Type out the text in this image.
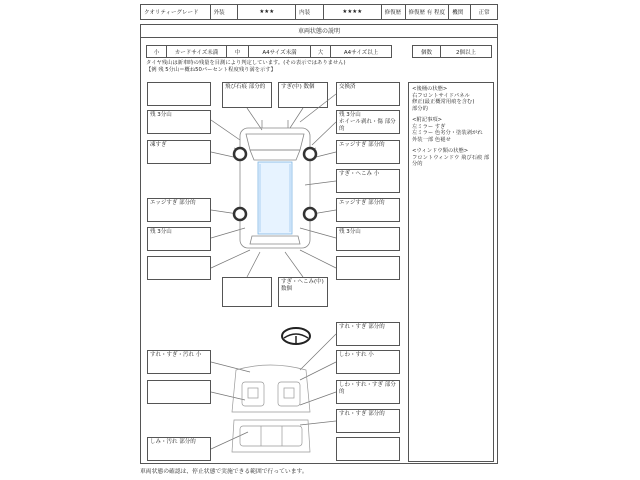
クオリティーグレード	外装	★★★	内装	★★★★	修復歴	修復歴 有 程度	機関	正常
車両状態の説明
小	カードサイズ未満	中	A4サイズ未満	大	A4サイズ以上	個数	2個以上
タイヤ残山は新車時の残量を目測により判定しています。(その表示ではありません)
【例 残 5分山＝概ね50パーセント程度残り満を示す】
残 3分山
凍すぎ
エッジすぎ 部分的
残 3分山
すれ・すぎ・汚れ 小
しみ・汚れ 部分的
飛び石痕 部分的	すぎ(中) 数個	交換済
残 3分山
ホイール剥れ・傷 部分的
エッジすぎ 部分的
すぎ・へこみ 小
エッジすぎ 部分的
残 3分山
すぎ・へこみ(中) 数個
すれ・すぎ 部分的
しわ・すれ 小
しわ・すれ・すぎ 部分的
すれ・すぎ 部分的
<後桶の状態>
右フロントサイドパネル
修正(最正概常用痕を含む)
部分的
<附記事項>
左ミラー すぎ
左ミラー 色劣分・塗装剥がれ
外装一部 色褪せ
<ウィンドウ類の状態>
フロントウィンドウ 飛び石痕 部分的
車両状態の確認は、停止状態で実施できる範囲で行っています。
